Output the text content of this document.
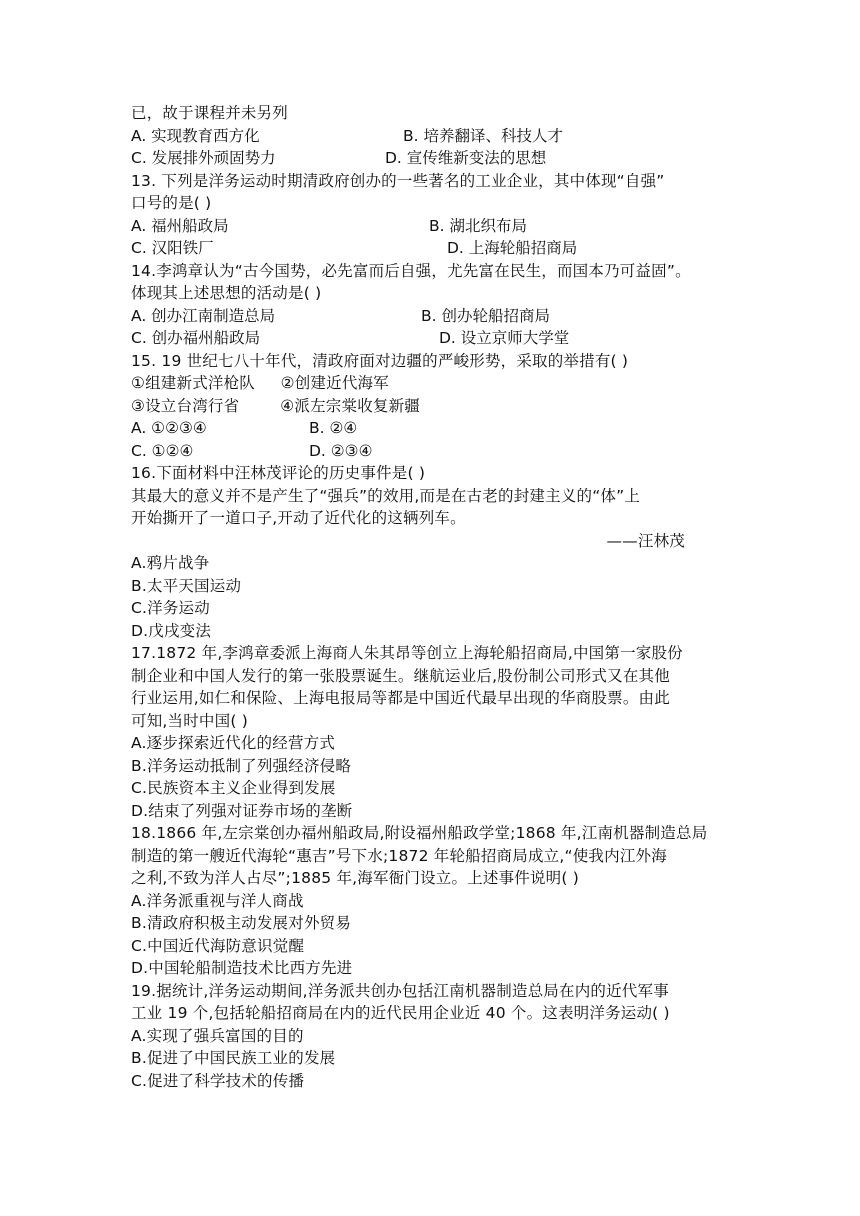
已，故于课程并未另列
A. 实现教育西方化	B. 培养翻译、科技人才
C. 发展排外顽固势力	D. 宣传维新变法的思想
13. 下列是洋务运动时期清政府创办的一些著名的工业企业，其中体现“自强”
口号的是( )
A. 福州船政局	B. 湖北织布局
C. 汉阳铁厂	D. 上海轮船招商局
14.李鸿章认为“古今国势，必先富而后自强，尤先富在民生，而国本乃可益固”。
体现其上述思想的活动是( )
A. 创办江南制造总局	B. 创办轮船招商局
C. 创办福州船政局	D. 设立京师大学堂
15. 19 世纪七八十年代，清政府面对边疆的严峻形势，采取的举措有( )
①组建新式洋枪队     ②创建近代海军
③设立台湾行省        ④派左宗棠收复新疆
A. ①②③④	B. ②④
C. ①②④	D. ②③④
16.下面材料中汪林茂评论的历史事件是( )
其最大的意义并不是产生了“强兵”的效用,而是在古老的封建主义的“体”上
开始撕开了一道口子,开动了近代化的这辆列车。
——汪林茂
A.鸦片战争
B.太平天国运动
C.洋务运动
D.戊戌变法
17.1872 年,李鸿章委派上海商人朱其昂等创立上海轮船招商局,中国第一家股份
制企业和中国人发行的第一张股票诞生。继航运业后,股份制公司形式又在其他
行业运用,如仁和保险、上海电报局等都是中国近代最早出现的华商股票。由此
可知,当时中国( )
A.逐步探索近代化的经营方式
B.洋务运动抵制了列强经济侵略
C.民族资本主义企业得到发展
D.结束了列强对证券市场的垄断
18.1866 年,左宗棠创办福州船政局,附设福州船政学堂;1868 年,江南机器制造总局
制造的第一艘近代海轮“惠吉”号下水;1872 年轮船招商局成立,“使我内江外海
之利,不致为洋人占尽”;1885 年,海军衙门设立。上述事件说明( )
A.洋务派重视与洋人商战
B.清政府积极主动发展对外贸易
C.中国近代海防意识觉醒
D.中国轮船制造技术比西方先进
19.据统计,洋务运动期间,洋务派共创办包括江南机器制造总局在内的近代军事
工业 19 个,包括轮船招商局在内的近代民用企业近 40 个。这表明洋务运动( )
A.实现了强兵富国的目的
B.促进了中国民族工业的发展
C.促进了科学技术的传播
